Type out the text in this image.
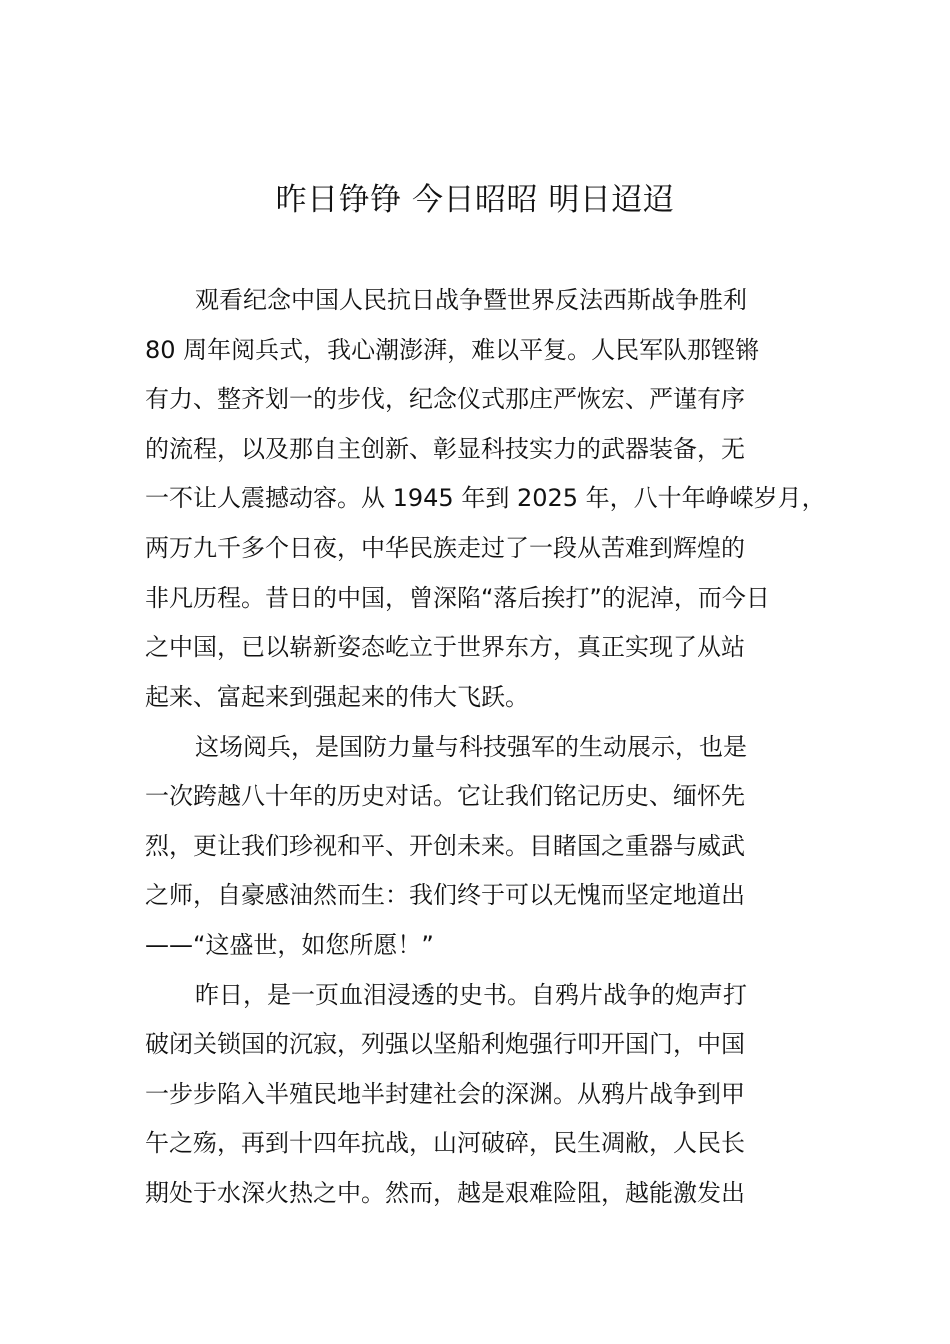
昨日铮铮 今日昭昭 明日迢迢
观看纪念中国人民抗日战争暨世界反法西斯战争胜利
80 周年阅兵式，我心潮澎湃，难以平复。人民军队那铿锵
有力、整齐划一的步伐，纪念仪式那庄严恢宏、严谨有序
的流程，以及那自主创新、彰显科技实力的武器装备，无
一不让人震撼动容。从 1945 年到 2025 年，八十年峥嵘岁月，
两万九千多个日夜，中华民族走过了一段从苦难到辉煌的
非凡历程。昔日的中国，曾深陷“落后挨打”的泥淖，而今日
之中国，已以崭新姿态屹立于世界东方，真正实现了从站
起来、富起来到强起来的伟大飞跃。
这场阅兵，是国防力量与科技强军的生动展示，也是
一次跨越八十年的历史对话。它让我们铭记历史、缅怀先
烈，更让我们珍视和平、开创未来。目睹国之重器与威武
之师，自豪感油然而生：我们终于可以无愧而坚定地道出
——“这盛世，如您所愿！”
昨日，是一页血泪浸透的史书。自鸦片战争的炮声打
破闭关锁国的沉寂，列强以坚船利炮强行叩开国门，中国
一步步陷入半殖民地半封建社会的深渊。从鸦片战争到甲
午之殇，再到十四年抗战，山河破碎，民生凋敝，人民长
期处于水深火热之中。然而，越是艰难险阻，越能激发出
